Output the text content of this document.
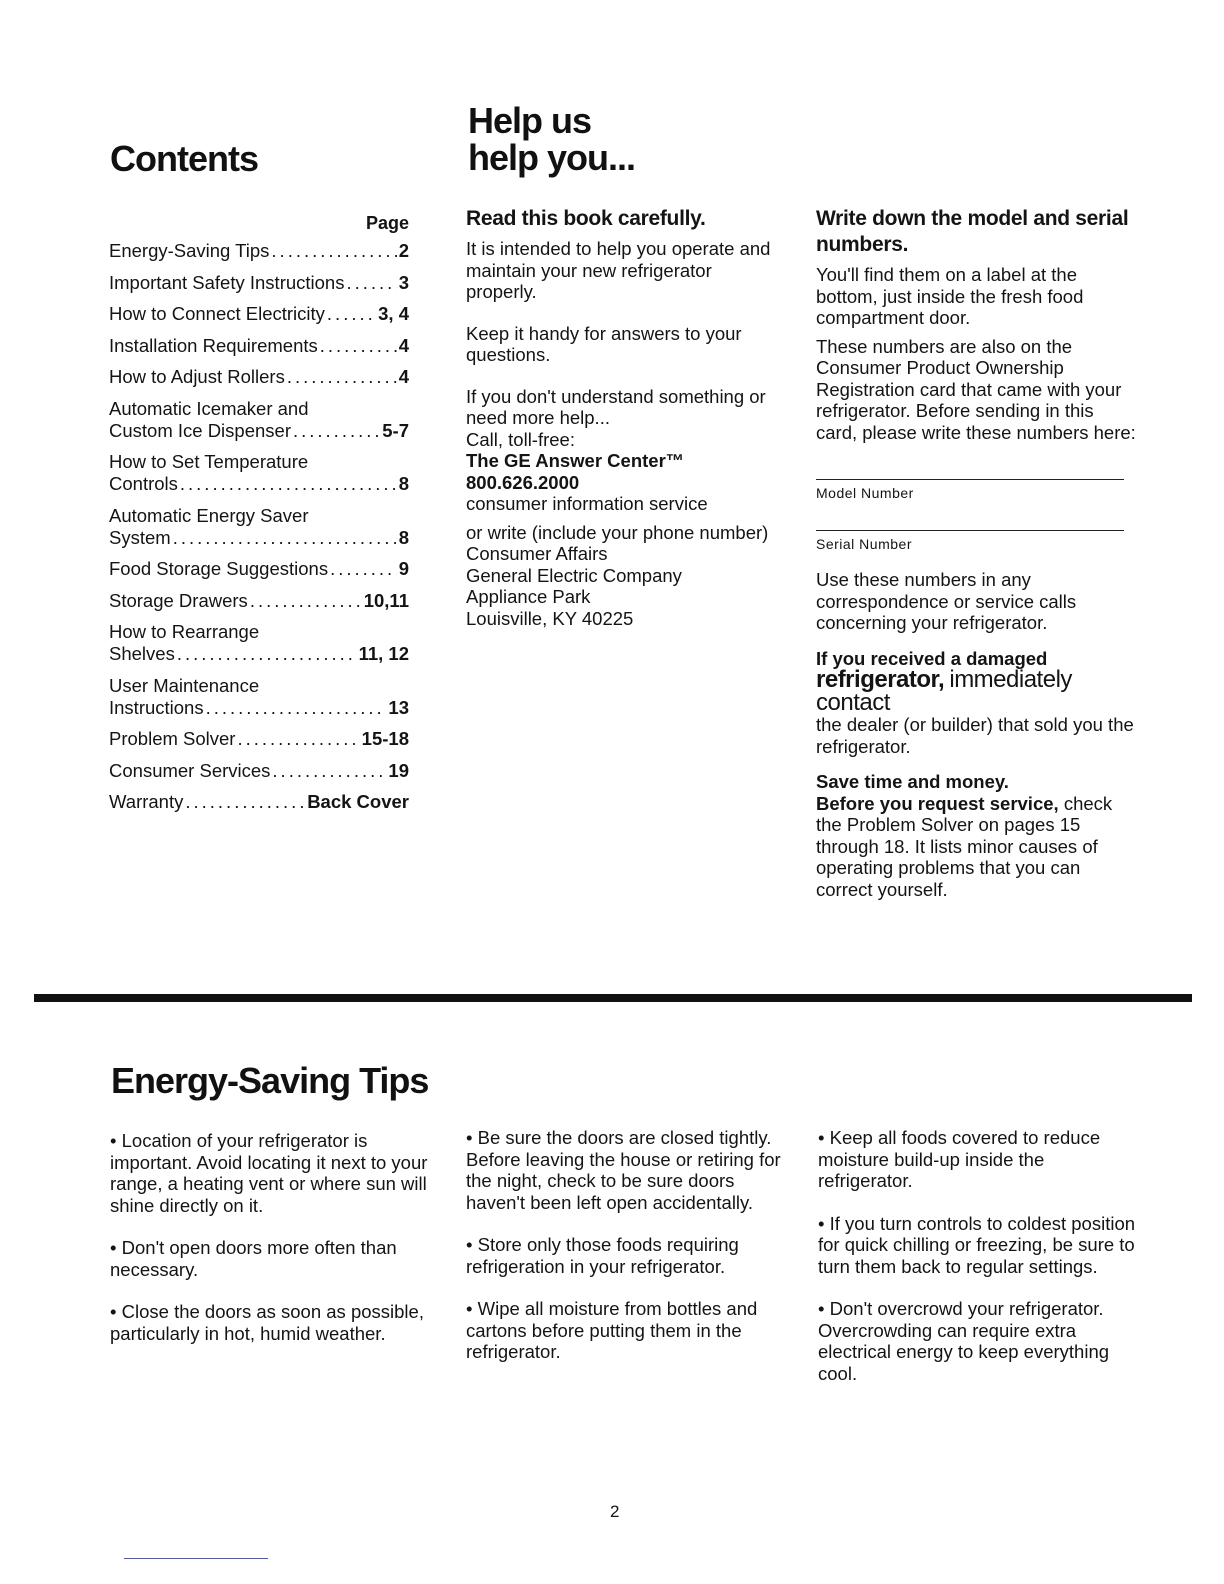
Contents
Help us
help you...
Page
Energy-Saving Tips .....	2
Important Safety Instructions .....	3
How to Connect Electricity .....	3, 4
Installation Requirements .....	4
How to Adjust Rollers .....	4
Automatic Icemaker and
Custom Ice Dispenser .....	5-7
How to Set Temperature
Controls .....	8
Automatic Energy Saver
System .....	8
Food Storage Suggestions .....	9
Storage Drawers .....	10,11
How to Rearrange
Shelves .....	11, 12
User Maintenance
Instructions .....	13
Problem Solver .....	15-18
Consumer Services .....	19
Warranty .....	Back Cover
Read this book carefully.

It is intended to help you operate and maintain your new refrigerator properly.

Keep it handy for answers to your questions.

If you don't understand something or need more help...

Call, toll-free:

The GE Answer Center™

800.626.2000

consumer information service

or write (include your phone number)

Consumer Affairs

General Electric Company

Appliance Park

Louisville, KY 40225

Write down the model and serial numbers.

You'll find them on a label at the bottom, just inside the fresh food compartment door.

These numbers are also on the Consumer Product Ownership Registration card that came with your refrigerator. Before sending in this card, please write these numbers here:

Model Number
Serial Number

Use these numbers in any correspondence or service calls concerning your refrigerator.

If you received a damaged
refrigerator, immediately contact
the dealer (or builder) that sold you the refrigerator.

Save time and money.

Before you request service, check the Problem Solver on pages 15 through 18. It lists minor causes of operating problems that you can correct yourself.

Energy-Saving Tips

• Location of your refrigerator is important. Avoid locating it next to your range, a heating vent or where sun will shine directly on it.

• Don't open doors more often than necessary.

• Close the doors as soon as possible, particularly in hot, humid weather.

• Be sure the doors are closed tightly. Before leaving the house or retiring for the night, check to be sure doors haven't been left open accidentally.

• Store only those foods requiring refrigeration in your refrigerator.

• Wipe all moisture from bottles and cartons before putting them in the refrigerator.

• Keep all foods covered to reduce moisture build-up inside the refrigerator.

• If you turn controls to coldest position for quick chilling or freezing, be sure to turn them back to regular settings.

• Don't overcrowd your refrigerator. Overcrowding can require extra electrical energy to keep everything cool.

2
